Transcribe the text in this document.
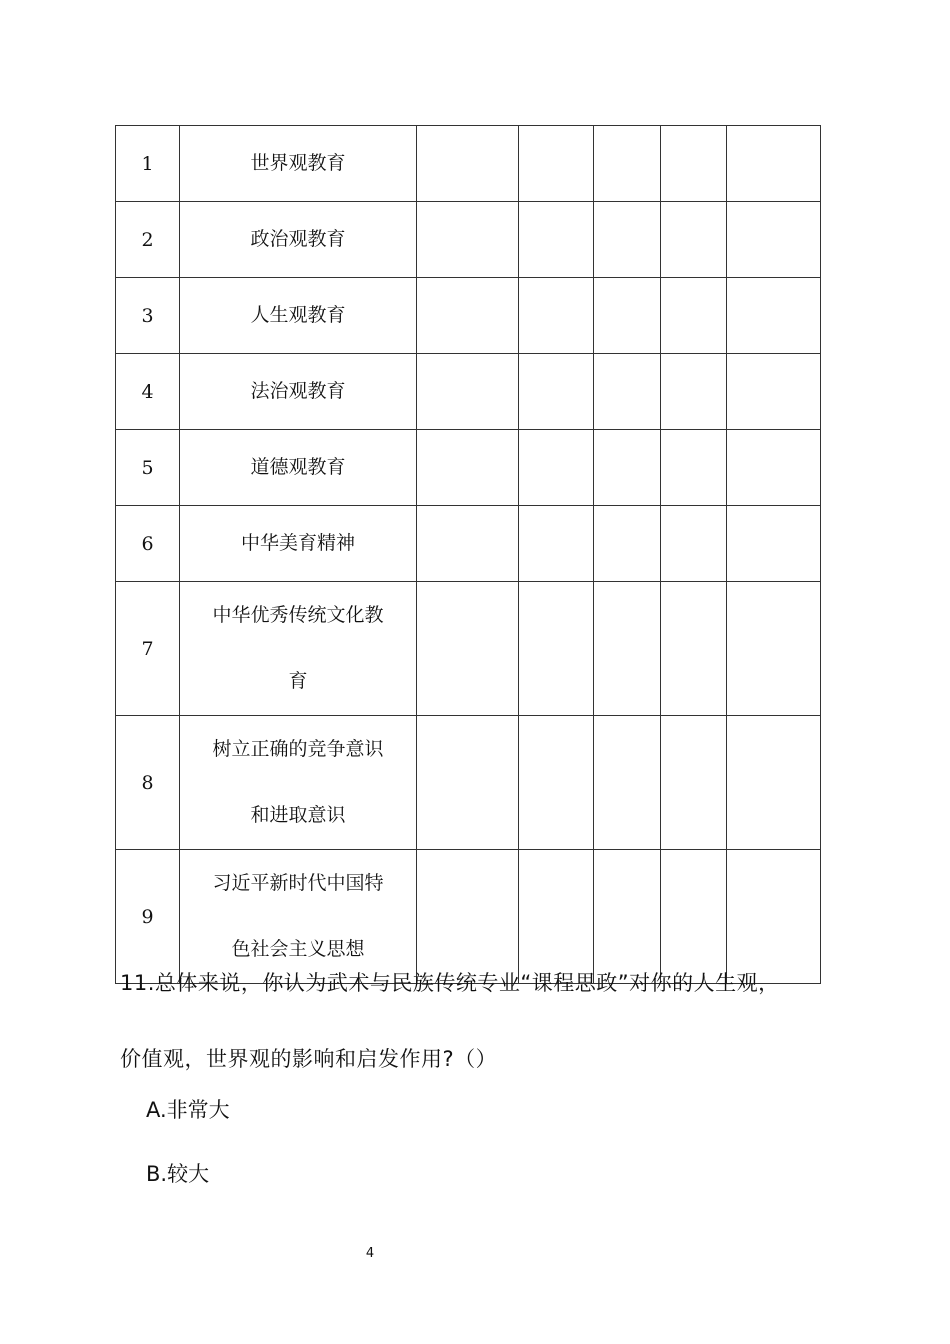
1	世界观教育					
2	政治观教育					
3	人生观教育					
4	法治观教育					
5	道德观教育					
6	中华美育精神					
7	中华优秀传统文化教
育					

8	树立正确的竞争意识
和进取意识					

9	习近平新时代中国特
色社会主义思想					

11.总体来说，你认为武术与民族传统专业“课程思政”对你的人生观，
价值观，世界观的影响和启发作用?（）
A.非常大
B.较大
4
